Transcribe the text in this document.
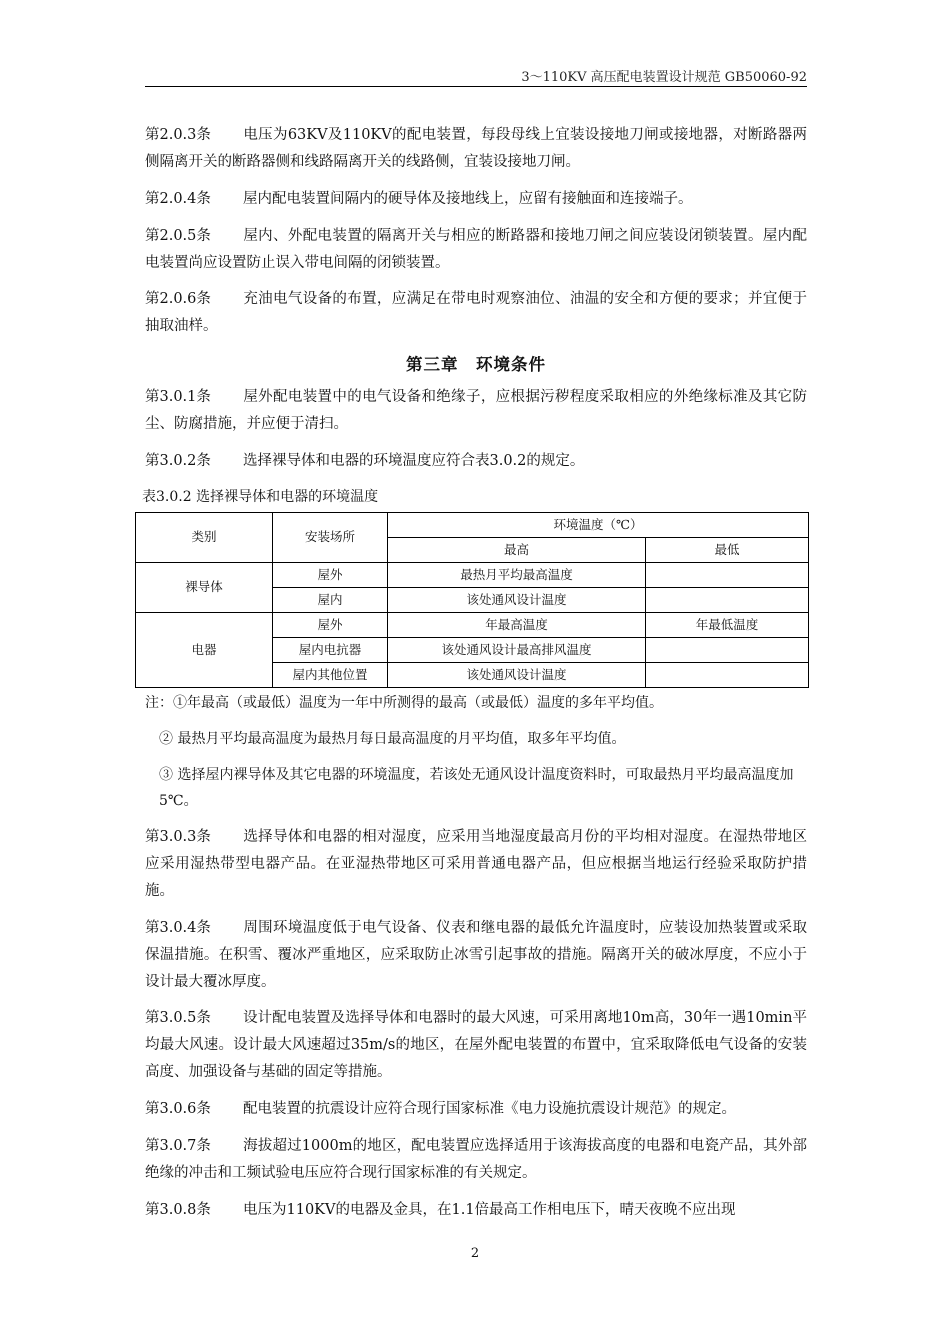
3～110KV 高压配电装置设计规范 GB50060-92

第2.0.3条 电压为63KV及110KV的配电装置，每段母线上宜装设接地刀闸或接地器，对断路器两侧隔离开关的断路器侧和线路隔离开关的线路侧，宜装设接地刀闸。

第2.0.4条 屋内配电装置间隔内的硬导体及接地线上，应留有接触面和连接端子。

第2.0.5条 屋内、外配电装置的隔离开关与相应的断路器和接地刀闸之间应装设闭锁装置。屋内配电装置尚应设置防止误入带电间隔的闭锁装置。

第2.0.6条 充油电气设备的布置，应满足在带电时观察油位、油温的安全和方便的要求；并宜便于抽取油样。

第三章　环境条件

第3.0.1条 屋外配电装置中的电气设备和绝缘子，应根据污秽程度采取相应的外绝缘标准及其它防尘、防腐措施，并应便于清扫。

第3.0.2条 选择裸导体和电器的环境温度应符合表3.0.2的规定。

表3.0.2 选择裸导体和电器的环境温度
类别	安装场所	环境温度（℃）	
		最高	最低
裸导体	屋外	最热月平均最高温度	
	屋内	该处通风设计温度	
电器	屋外	年最高温度	年最低温度
	屋内电抗器	该处通风设计最高排风温度	
	屋内其他位置	该处通风设计温度	

注：①年最高（或最低）温度为一年中所测得的最高（或最低）温度的多年平均值。

② 最热月平均最高温度为最热月每日最高温度的月平均值，取多年平均值。

③ 选择屋内裸导体及其它电器的环境温度，若该处无通风设计温度资料时，可取最热月平均最高温度加5℃。

第3.0.3条 选择导体和电器的相对湿度，应采用当地湿度最高月份的平均相对湿度。在湿热带地区应采用湿热带型电器产品。在亚湿热带地区可采用普通电器产品，但应根据当地运行经验采取防护措施。

第3.0.4条 周围环境温度低于电气设备、仪表和继电器的最低允许温度时，应装设加热装置或采取保温措施。在积雪、覆冰严重地区，应采取防止冰雪引起事故的措施。隔离开关的破冰厚度，不应小于设计最大覆冰厚度。

第3.0.5条 设计配电装置及选择导体和电器时的最大风速，可采用离地10m高，30年一遇10min平均最大风速。设计最大风速超过35m/s的地区，在屋外配电装置的布置中，宜采取降低电气设备的安装高度、加强设备与基础的固定等措施。

第3.0.6条 配电装置的抗震设计应符合现行国家标准《电力设施抗震设计规范》的规定。

第3.0.7条 海拔超过1000m的地区，配电装置应选择适用于该海拔高度的电器和电瓷产品，其外部绝缘的冲击和工频试验电压应符合现行国家标准的有关规定。

第3.0.8条 电压为110KV的电器及金具，在1.1倍最高工作相电压下，晴天夜晚不应出现

2
